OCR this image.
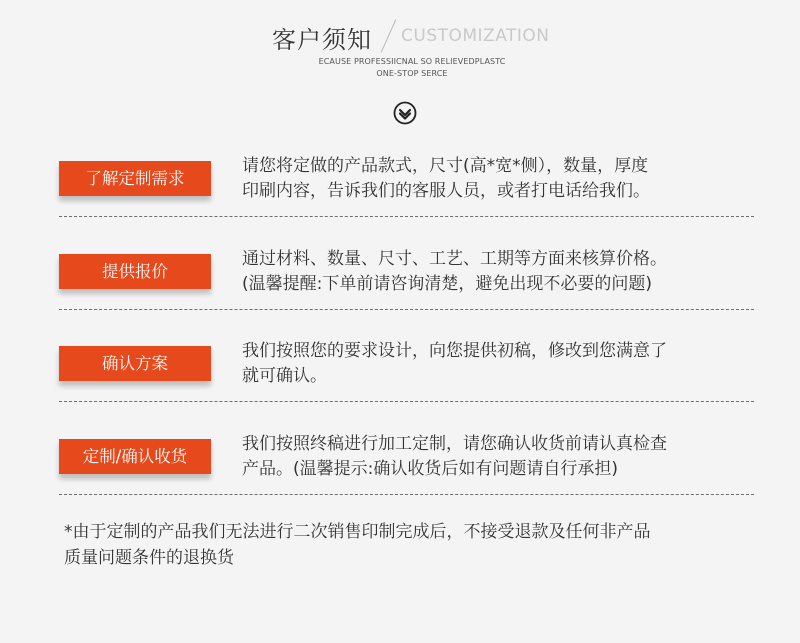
客户须知 CUSTOMIZATION
ECAUSE PROFESSIICNAL SO RELIEVEDPLASTC
ONE-STOP SERCE
了解定制需求
请您将定做的产品款式，尺寸(高*宽*侧），数量，厚度
印刷内容，告诉我们的客服人员，或者打电话给我们。
提供报价
通过材料、数量、尺寸、工艺、工期等方面来核算价格。
(温馨提醒:下单前请咨询清楚，避免出现不必要的问题)
确认方案
我们按照您的要求设计，向您提供初稿，修改到您满意了
就可确认。
定制/确认收货
我们按照终稿进行加工定制，请您确认收货前请认真检查
产品。(温馨提示:确认收货后如有问题请自行承担)
*由于定制的产品我们无法进行二次销售印制完成后，不接受退款及任何非产品
质量问题条件的退换货
